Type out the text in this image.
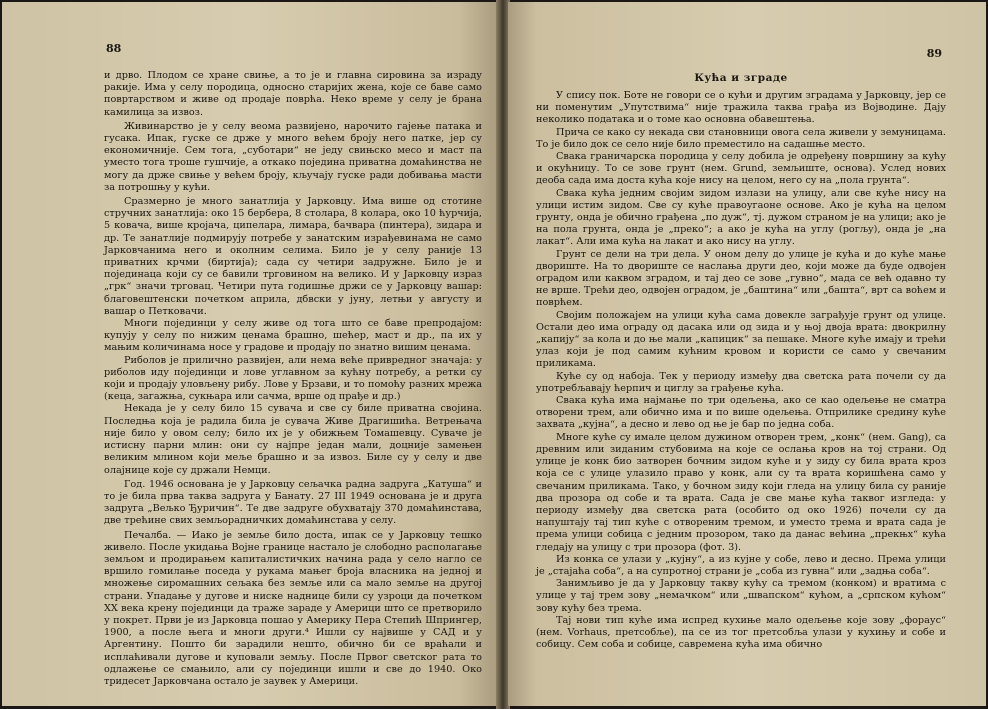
88

и дрво. Плодом се хране свиње, а то је и главна сировина за израду ракије. Има у селу породица, односно старијих жена, које се баве само повртарством и живе од продаје поврћа. Неко време у селу је брана камилица за извоз.

Живинарство је у селу веома развијено, нарочито гајење патака и гусака. Ипак, гуске се држе у много већем броју него патке, јер су економичније. Сем тога, „суботари“ не једу свињско месо и маст па уместо тога троше гушчије, а откако поједина приватна домаћинства не могу да држе свиње у већем броју, кључају гуске ради добивања масти за потрошњу у кући.

Сразмерно је много занатлија у Јарковцу. Има више од стотине стручних занатлија: око 15 бербера, 8 столара, 8 колара, око 10 ћурчија, 5 ковача, више кројача, ципелара, лимара, бачвара (пинтера), зидара и др. Те занатлије подмирују потребе у занатским израђевинама не само Јарковчанима него и околним селима. Било је у селу раније 13 приватних крчми (биртија); сада су четири задружне. Било је и појединаца који су се бавили трговином на велико. И у Јарковцу израз „грк“ значи трговац. Четири пута годишње држи се у Јарковцу вашар: благовештенски почетком априла, дбвски у јуну, летњи у августу и вашар о Петковачи.

Многи појединци у селу живе од тога што се баве препродајом: купују у селу по нижим ценама брашно, шећер, маст и др., па их у мањим количинама носе у градове и продају по знатно вишим ценама.

Риболов је прилично развијен, али нема веће привредног значаја: у риболов иду појединци и лове углавном за кућну потребу, а ретки су који и продају уловљену рибу. Лове у Брзави, и то помоћу разних мрежа (кеца, загажња, сукњара или сачма, врше од прађе и др.)

Некада је у селу било 15 сувача и све су биле приватна својина. Последња која је радила била је сувача Живе Драгишића. Ветрењача није било у овом селу; било их је у обижњем Томашевцу. Суваче је истисну парни млин: они су најпре један мали, доцније замењен великим млином који меље брашно и за извоз. Биле су у селу и две олајнице које су држали Немци.

Год. 1946 основана је у Јарковцу сељачка радна задруга „Катуша“ и то је била прва таква задруга у Банату. 27 III 1949 основана је и друга задруга „Вељко Ђуричин“. Те две задруге обухватају 370 домаћинстава, две трећине свих земљорадничких домаћинстава у селу.

Печалба. — Иако је земље било доста, ипак се у Јарковцу тешко живело. После укидања Војне границе настало је слободно располагање земљом и продирањем капиталистичких начина рада у село нагло се вршило гомилање поседа у рукама мањег броја власника на једној и множење сиромашних сељака без земље или са мало земље на другој страни. Упадање у дугове и ниске наднице били су узроци да почетком XX века крену појединци да траже зараде у Америци што се претворило у покрет. Први је из Јарковца пошао у Америку Пера Степић Шпрингер, 1900, а после њега и многи други.⁴ Ишли су највише у САД и у Аргентину. Пошто би зарадили нешто, обично би се враћали и исплаћивали дугове и куповали земљу. После Првог светског рата то одлажење се смањило, али су појединци ишли и све до 1940. Око тридесет Јарковчана остало је заувек у Америци.

89
Кућа и зграде

У спису пок. Боте не говори се о кући и другим зградама у Јарковцу, јер се ни поменутим „Упутствима“ није тражила таква грађа из Војводине. Дају неколико података и о томе као основна обавештења.

Прича се како су некада сви становници овога села живели у земуницама. То је било док се село није било преместило на садашње место.

Свака граничарска породица у селу добила је одређену површину за кућу и окућницу. То се зове грунт (нем. Grund, земљиште, основа). Услед нових деоба сада има доста кућа које нису на целом, него су на „пола грунта“.

Свака кућа једним својим зидом излази на улицу, али све куће нису на улици истим зидом. Све су куће правоугаоне основе. Ако је кућа на целом грунту, онда је обично грађена „по дуж“, тј. дужом страном је на улици; ако је на пола грунта, онда је „преко“; а ако је кућа на углу (рогљу), онда је „на лакат“. Али има кућа на лакат и ако нису на углу.

Грунт се дели на три дела. У оном делу до улице је кућа и до куће мање двориште. На то двориште се наслања други део, који може да буде одвојен оградом или каквом зградом, и тај део се зове „гувно“, мада се већ одавно ту не врше. Трећи део, одвојен оградом, је „баштина“ или „башта“, врт са воћем и поврћем.

Својим положајем на улици кућа сама довекле заграђује грунт од улице. Остали део има ограду од дасака или од зида и у њој двоја врата: двокрилну „капију“ за кола и до ње мали „капицик“ за пешаке. Многе куће имају и трећи улаз који је под самим кућним кровом и користи се само у свечаним приликама.

Куће су од набоја. Тек у периоду између два светска рата почели су да употребљавају ћерпич и циглу за грађење кућа.

Свака кућа има најмање по три одељења, ако се као одељење не сматра отворени трем, али обично има и по више одељења. Отприлике средину куће захвата „кујна“, а десно и лево од ње је бар по једна соба.

Многе куће су имале целом дужином отворен трем, „конк“ (нем. Gang), са древним или зиданим стубовима на које се ослања кров на тој страни. Од улице је конк био затворен бочним зидом куће и у зиду су била врата кроз која се с улице улазило право у конк, али су та врата коришћена само у свечаним приликама. Тако, у бочном зиду који гледа на улицу била су раније два прозора од собе и та врата. Сада је све мање кућа таквог изгледа: у периоду између два светска рата (особито од око 1926) почели су да напуштају тај тип куће с отвореним тремом, и уместо трема и врата сада је према улици собица с једним прозором, тако да данас већина „прекњх“ кућа гледају на улицу с три прозора (фот. 3).

Из конка се улази у „кујну“, а из кујне у собе, лево и десно. Према улици је „стајаћа соба“, а на супротној страни је „соба из гувна“ или „задња соба“.

Занимљиво је да у Јарковцу такву кућу са тремом (конком) и вратима с улице у тај трем зову „немачком“ или „швапском“ кућом, а „српском кућом“ зову кућу без трема.

Тај нови тип куће има испред кухиње мало одељење које зову „фораус“ (нем. Vorhaus, претсобље), па се из тог претсобља улази у кухињу и собе и собицу. Сем соба и собице, савремена кућа има обично
